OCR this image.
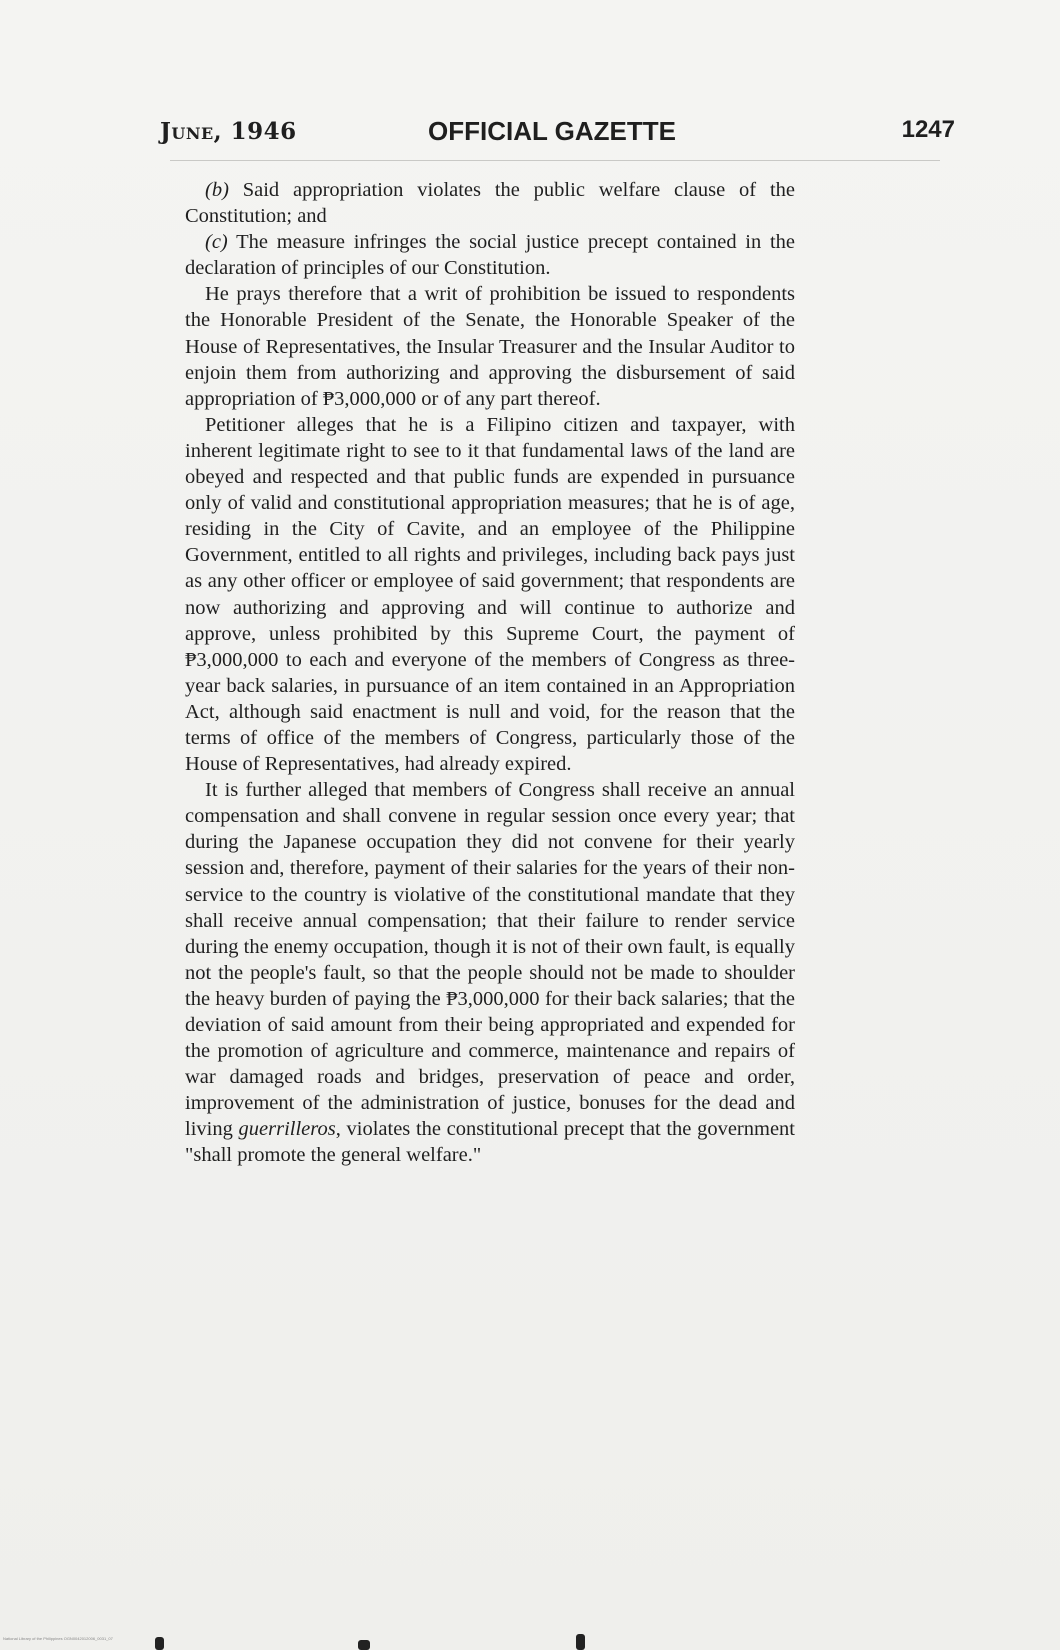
June, 1946	OFFICIAL GAZETTE	1247

(b) Said appropriation violates the public welfare clause of the Constitution; and

(c) The measure infringes the social justice precept contained in the declaration of principles of our Constitution.

He prays therefore that a writ of prohibition be issued to respondents the Honorable President of the Senate, the Honorable Speaker of the House of Representatives, the Insular Treasurer and the Insular Auditor to enjoin them from authorizing and approving the disbursement of said appropriation of ₱3,000,000 or of any part thereof.

Petitioner alleges that he is a Filipino citizen and taxpayer, with inherent legitimate right to see to it that fundamental laws of the land are obeyed and respected and that public funds are expended in pursuance only of valid and constitutional appropriation measures; that he is of age, residing in the City of Cavite, and an employee of the Philippine Government, entitled to all rights and privileges, including back pays just as any other officer or employee of said government; that respondents are now authorizing and approving and will continue to authorize and approve, unless prohibited by this Supreme Court, the payment of ₱3,000,000 to each and everyone of the members of Congress as three-year back salaries, in pursuance of an item contained in an Appropriation Act, although said enactment is null and void, for the reason that the terms of office of the members of Congress, particularly those of the House of Representatives, had already expired.

It is further alleged that members of Congress shall receive an annual compensation and shall convene in regular session once every year; that during the Japanese occupation they did not convene for their yearly session and, therefore, payment of their salaries for the years of their non-service to the country is violative of the constitutional mandate that they shall receive annual compensation; that their failure to render service during the enemy occupation, though it is not of their own fault, is equally not the people's fault, so that the people should not be made to shoulder the heavy burden of paying the ₱3,000,000 for their back salaries; that the deviation of said amount from their being appropriated and expended for the promotion of agriculture and commerce, maintenance and repairs of war damaged roads and bridges, preservation of peace and order, improvement of the administration of justice, bonuses for the dead and living guerrilleros, violates the constitutional precept that the government "shall promote the general welfare."

National Library of the Philippines OGN0042012006_0031_07
